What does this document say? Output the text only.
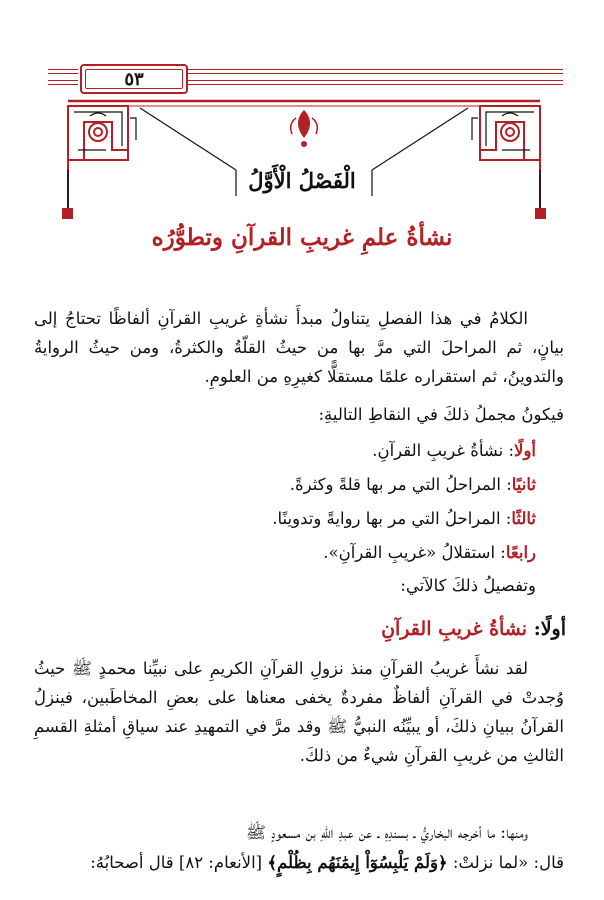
٥٣
الْفَصْلُ الْأَوَّلُ
نشأةُ علمِ غريبِ القرآنِ وتطوُّرُه

الكلامُ في هذا الفصلِ يتناولُ مبدأَ نشأةِ غريبِ القرآنِ ألفاظًا تحتاجُ إلى بيانٍ، ثم المراحلَ التي مرَّ بها من حيثُ القلّةُ والكثرةُ، ومن حيثُ الروايةُ والتدوينُ، ثم استقراره علمًا مستقلًّا كغيرِهِ من العلومِ.

فيكونُ مجملُ ذلكَ في النقاطِ التاليةِ:
أولًا: نشأةُ غريبِ القرآنِ.
ثانيًا: المراحلُ التي مر بها قلةً وكثرةً.
ثالثًا: المراحلُ التي مر بها روايةً وتدوينًا.
رابعًا: استقلالُ «غريبِ القرآنِ».
وتفصيلُ ذلكَ كالآتي:
أولًا: نشأةُ غريبِ القرآنِ

لقد نشأَ غريبُ القرآنِ منذ نزولِ القرآنِ الكريمِ على نبيِّنا محمدٍ ﷺ حيثُ وُجدتْ في القرآنِ ألفاظٌ مفردةٌ يخفى معناها على بعضِ المخاطَبين، فينزلُ القرآنُ ببيانِ ذلكَ، أو يبيِّنُه النبيُّ ﷺ وقد مرَّ في التمهيدِ عند سياقِ أمثلةِ القسمِ الثالثِ من غريبِ القرآنِ شيءٌ من ذلكَ.

ومنها: ما أخرجه البخاريُّ ـ بسندِهِ ـ عن عبدِ اللهِ بن مسعودٍ ﷺ

قال: «لما نزلتْ: ﴿وَلَمْ يَلْبِسُوٓاْ إِيمَٰنَهُم بِظُلْمٍ﴾ [الأنعام: ٨٢] قال أصحابُهُ:
